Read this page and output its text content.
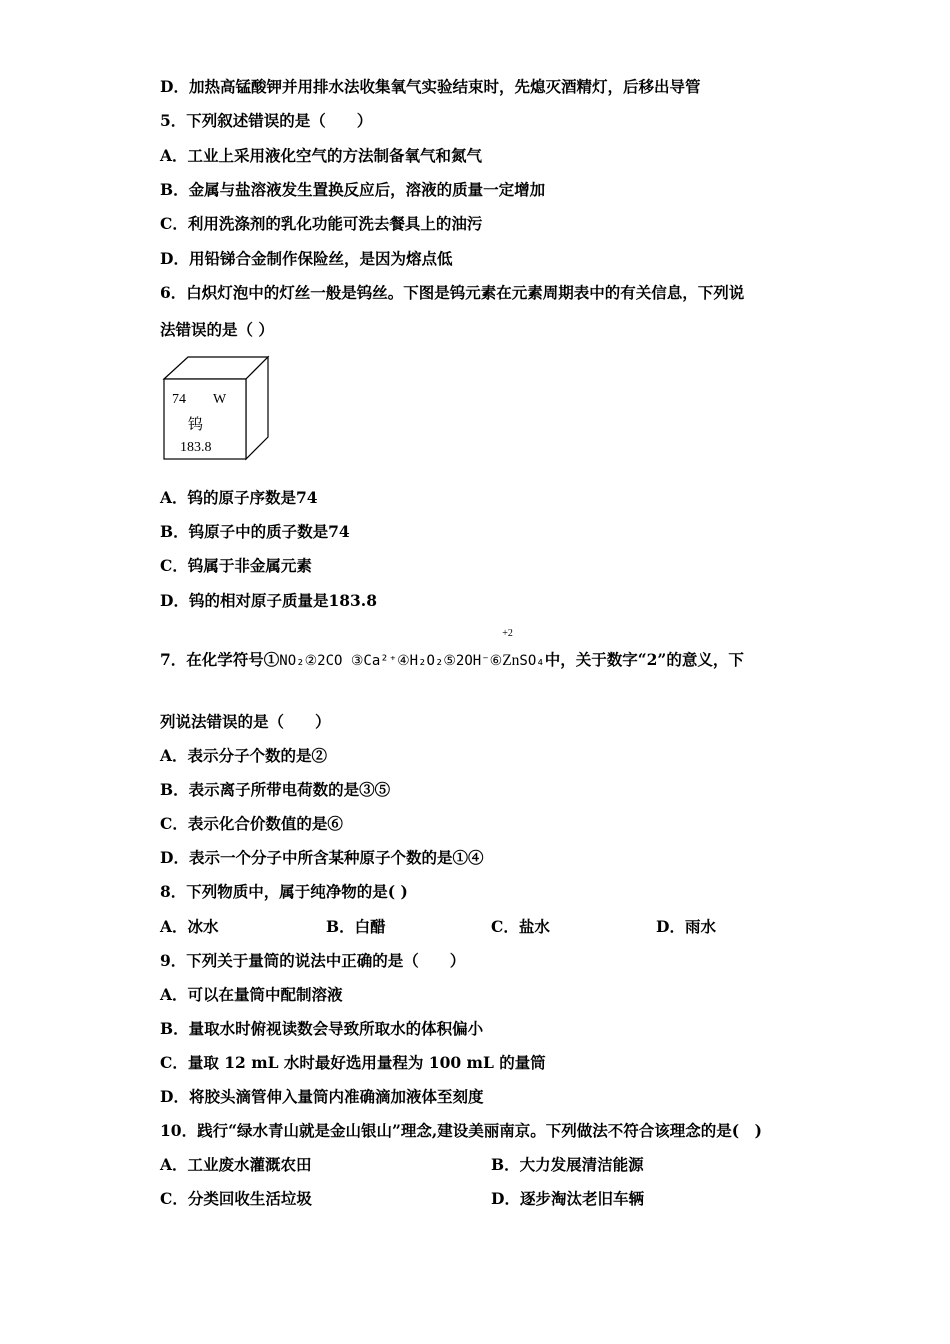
D．加热高锰酸钾并用排水法收集氧气实验结束时，先熄灭酒精灯，后移出导管
5．下列叙述错误的是（　　）
A．工业上采用液化空气的方法制备氧气和氮气
B．金属与盐溶液发生置换反应后，溶液的质量一定增加
C．利用洗涤剂的乳化功能可洗去餐具上的油污
D．用铅锑合金制作保险丝，是因为熔点低
6．白炽灯泡中的灯丝一般是钨丝。下图是钨元素在元素周期表中的有关信息，下列说
法错误的是（ ）
74 W
钨
183.8
A．钨的原子序数是74
B．钨原子中的质子数是74
C．钨属于非金属元素
D．钨的相对原子质量是183.8
7．在化学符号①NO₂②2CO ③Ca²⁺④H₂O₂⑤2OH⁻⑥
+2
ZnSO₄中，关于数字“2”的意义，下
列说法错误的是（　　）
A．表示分子个数的是②
B．表示离子所带电荷数的是③⑤
C．表示化合价数值的是⑥
D．表示一个分子中所含某种原子个数的是①④
8．下列物质中，属于纯净物的是( )
A．冰水	B．白醋	C．盐水	D．雨水
9．下列关于量筒的说法中正确的是（　　）
A．可以在量筒中配制溶液
B．量取水时俯视读数会导致所取水的体积偏小
C．量取 12 mL 水时最好选用量程为 100 mL 的量筒
D．将胶头滴管伸入量筒内准确滴加液体至刻度
10．践行“绿水青山就是金山银山”理念,建设美丽南京。下列做法不符合该理念的是(　)
A．工业废水灌溉农田	B．大力发展清洁能源
C．分类回收生活垃圾	D．逐步淘汰老旧车辆
